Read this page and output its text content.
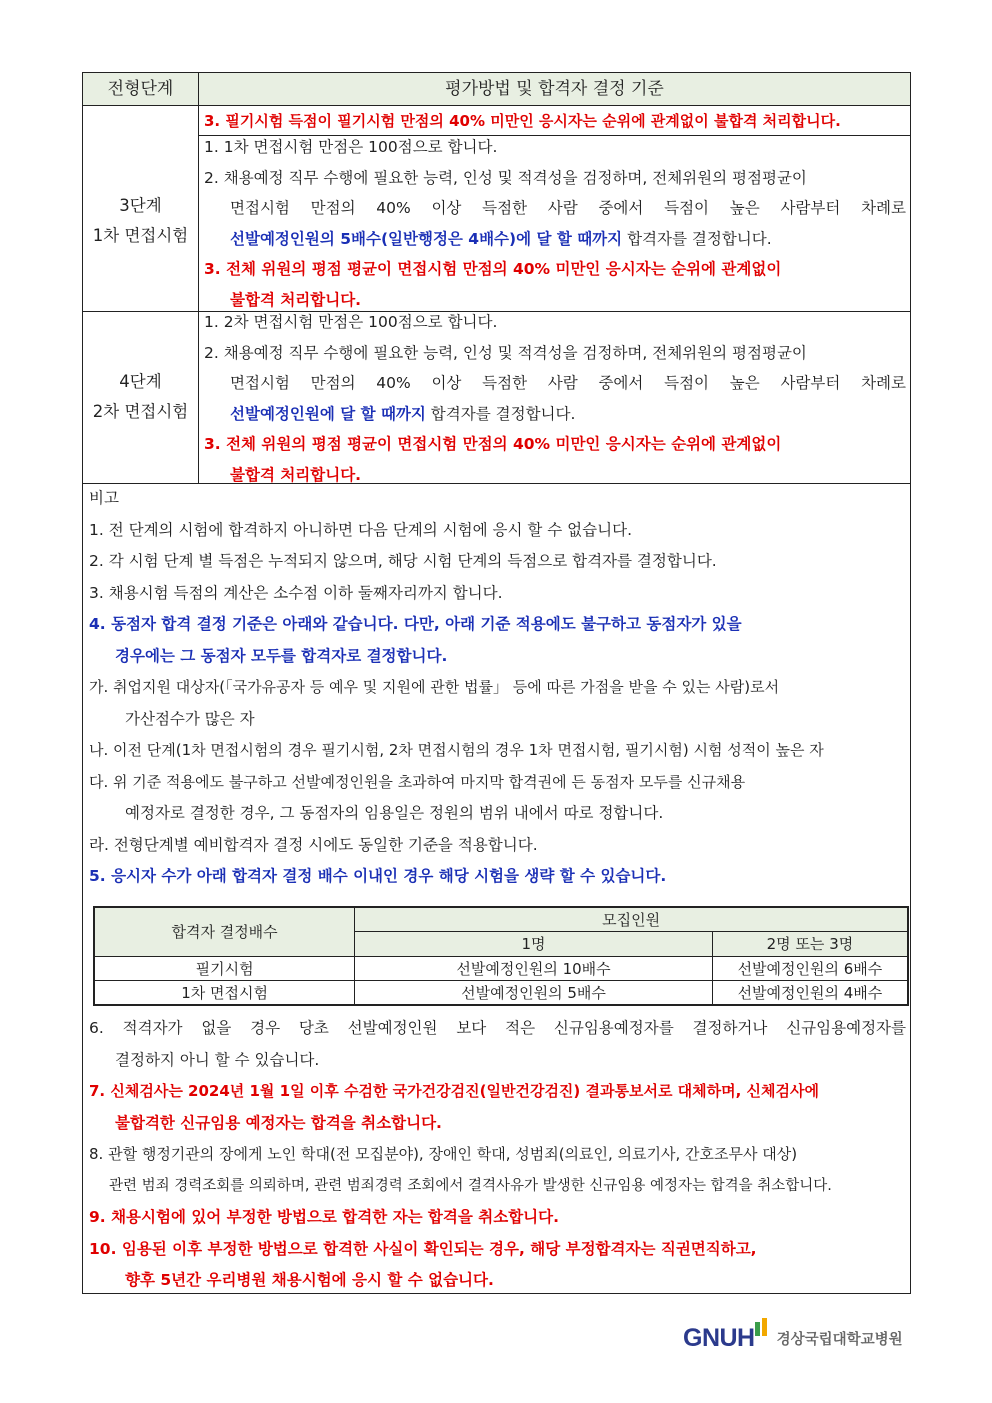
전형단계	평가방법 및 합격자 결정 기준
3. 필기시험 득점이 필기시험 만점의 40% 미만인 응시자는 순위에 관계없이 불합격 처리합니다.
3단계
1차 면접시험
1. 1차 면접시험 만점은 100점으로 합니다.
2. 채용예정 직무 수행에 필요한 능력, 인성 및 적격성을 검정하며, 전체위원의 평점평균이
면접시험 만점의 40% 이상 득점한 사람 중에서 득점이 높은 사람부터 차례로
선발예정인원의 5배수(일반행정은 4배수)에 달 할 때까지 합격자를 결정합니다.
3. 전체 위원의 평점 평균이 면접시험 만점의 40% 미만인 응시자는 순위에 관계없이
불합격 처리합니다.
4단계
2차 면접시험
1. 2차 면접시험 만점은 100점으로 합니다.
2. 채용예정 직무 수행에 필요한 능력, 인성 및 적격성을 검정하며, 전체위원의 평점평균이
면접시험 만점의 40% 이상 득점한 사람 중에서 득점이 높은 사람부터 차례로
선발예정인원에 달 할 때까지 합격자를 결정합니다.
3. 전체 위원의 평점 평균이 면접시험 만점의 40% 미만인 응시자는 순위에 관계없이
불합격 처리합니다.
비고
1. 전 단계의 시험에 합격하지 아니하면 다음 단계의 시험에 응시 할 수 없습니다.
2. 각 시험 단계 별 득점은 누적되지 않으며, 해당 시험 단계의 득점으로 합격자를 결정합니다.
3. 채용시험 득점의 계산은 소수점 이하 둘째자리까지 합니다.
4. 동점자 합격 결정 기준은 아래와 같습니다. 다만, 아래 기준 적용에도 불구하고 동점자가 있을
경우에는 그 동점자 모두를 합격자로 결정합니다.
가. 취업지원 대상자(「국가유공자 등 예우 및 지원에 관한 법률」 등에 따른 가점을 받을 수 있는 사람)로서
가산점수가 많은 자
나. 이전 단계(1차 면접시험의 경우 필기시험, 2차 면접시험의 경우 1차 면접시험, 필기시험) 시험 성적이 높은 자
다. 위 기준 적용에도 불구하고 선발예정인원을 초과하여 마지막 합격권에 든 동점자 모두를 신규채용
예정자로 결정한 경우, 그 동점자의 임용일은 정원의 범위 내에서 따로 정합니다.
라. 전형단계별 예비합격자 결정 시에도 동일한 기준을 적용합니다.
5. 응시자 수가 아래 합격자 결정 배수 이내인 경우 해당 시험을 생략 할 수 있습니다.
합격자 결정배수	모집인원	
	1명	2명 또는 3명
필기시험	선발예정인원의 10배수	선발예정인원의 6배수
1차 면접시험	선발예정인원의 5배수	선발예정인원의 4배수
6. 적격자가 없을 경우 당초 선발예정인원 보다 적은 신규임용예정자를 결정하거나 신규임용예정자를
결정하지 아니 할 수 있습니다.
7. 신체검사는 2024년 1월 1일 이후 수검한 국가건강검진(일반건강검진) 결과통보서로 대체하며, 신체검사에
불합격한 신규임용 예정자는 합격을 취소합니다.
8. 관할 행정기관의 장에게 노인 학대(전 모집분야), 장애인 학대, 성범죄(의료인, 의료기사, 간호조무사 대상)
관련 범죄 경력조회를 의뢰하며, 관련 범죄경력 조회에서 결격사유가 발생한 신규임용 예정자는 합격을 취소합니다.
9. 채용시험에 있어 부정한 방법으로 합격한 자는 합격을 취소합니다.
10. 임용된 이후 부정한 방법으로 합격한 사실이 확인되는 경우, 해당 부정합격자는 직권면직하고,
향후 5년간 우리병원 채용시험에 응시 할 수 없습니다.
GNUH 경상국립대학교병원
